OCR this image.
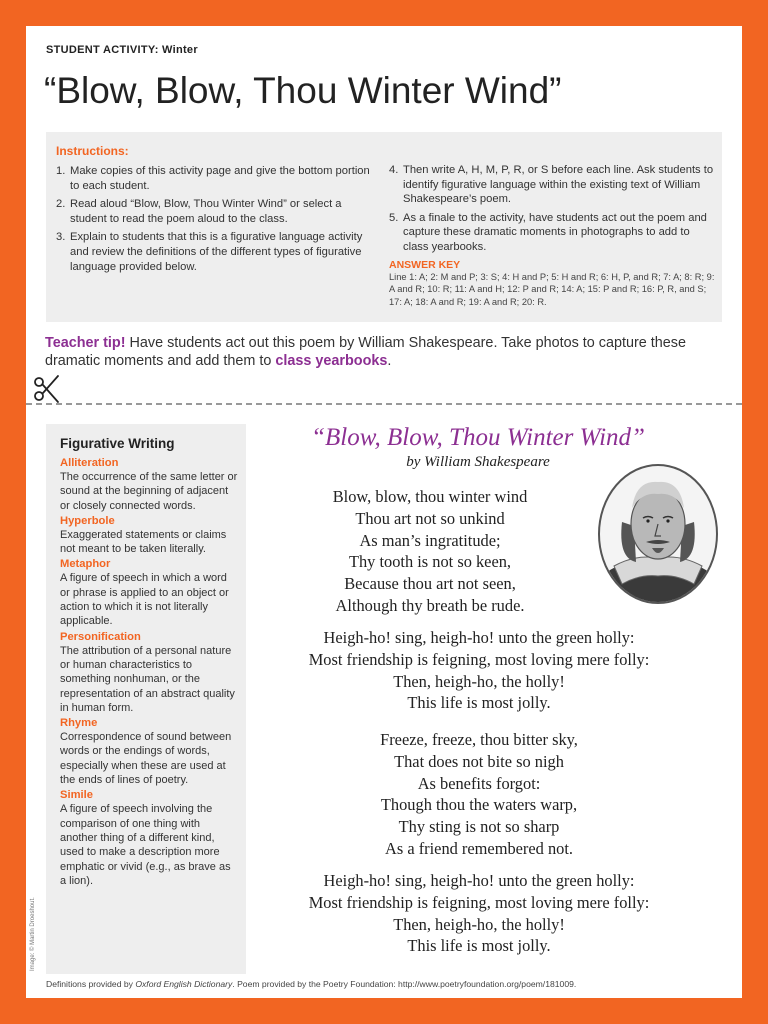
STUDENT ACTIVITY: Winter
“Blow, Blow, Thou Winter Wind”
Instructions:
1. Make copies of this activity page and give the bottom portion to each student.
2. Read aloud “Blow, Blow, Thou Winter Wind” or select a student to read the poem aloud to the class.
3. Explain to students that this is a figurative language activity and review the definitions of the different types of figurative language provided below.
4. Then write A, H, M, P, R, or S before each line. Ask students to identify figurative language within the existing text of William Shakespeare’s poem.
5. As a finale to the activity, have students act out the poem and capture these dramatic moments in photographs to add to class yearbooks.
ANSWER KEY
Line 1: A; 2: M and P; 3: S; 4: H and P; 5: H and R; 6: H, P, and R; 7: A; 8: R; 9: A and R; 10: R; 11: A and H; 12: P and R; 14: A; 15: P and R; 16: P, R, and S; 17: A; 18: A and R; 19: A and R; 20: R.
Teacher tip! Have students act out this poem by William Shakespeare. Take photos to capture these dramatic moments and add them to class yearbooks.
Figurative Writing
Alliteration
The occurrence of the same letter or sound at the beginning of adjacent or closely connected words.
Hyperbole
Exaggerated statements or claims not meant to be taken literally.
Metaphor
A figure of speech in which a word or phrase is applied to an object or action to which it is not literally applicable.
Personification
The attribution of a personal nature or human characteristics to something nonhuman, or the representation of an abstract quality in human form.
Rhyme
Correspondence of sound between words or the endings of words, especially when these are used at the ends of lines of poetry.
Simile
A figure of speech involving the comparison of one thing with another thing of a different kind, used to make a description more emphatic or vivid (e.g., as brave as a lion).
Image: © Martin Droeshout.
“Blow, Blow, Thou Winter Wind”
by William Shakespeare
Blow, blow, thou winter wind
Thou art not so unkind
As man’s ingratitude;
Thy tooth is not so keen,
Because thou art not seen,
Although thy breath be rude.
Heigh-ho! sing, heigh-ho! unto the green holly:
Most friendship is feigning, most loving mere folly:
Then, heigh-ho, the holly!
This life is most jolly.
Freeze, freeze, thou bitter sky,
That does not bite so nigh
As benefits forgot:
Though thou the waters warp,
Thy sting is not so sharp
As a friend remembered not.
Heigh-ho! sing, heigh-ho! unto the green holly:
Most friendship is feigning, most loving mere folly:
Then, heigh-ho, the holly!
This life is most jolly.
Definitions provided by Oxford English Dictionary. Poem provided by the Poetry Foundation: http://www.poetryfoundation.org/poem/181009.
